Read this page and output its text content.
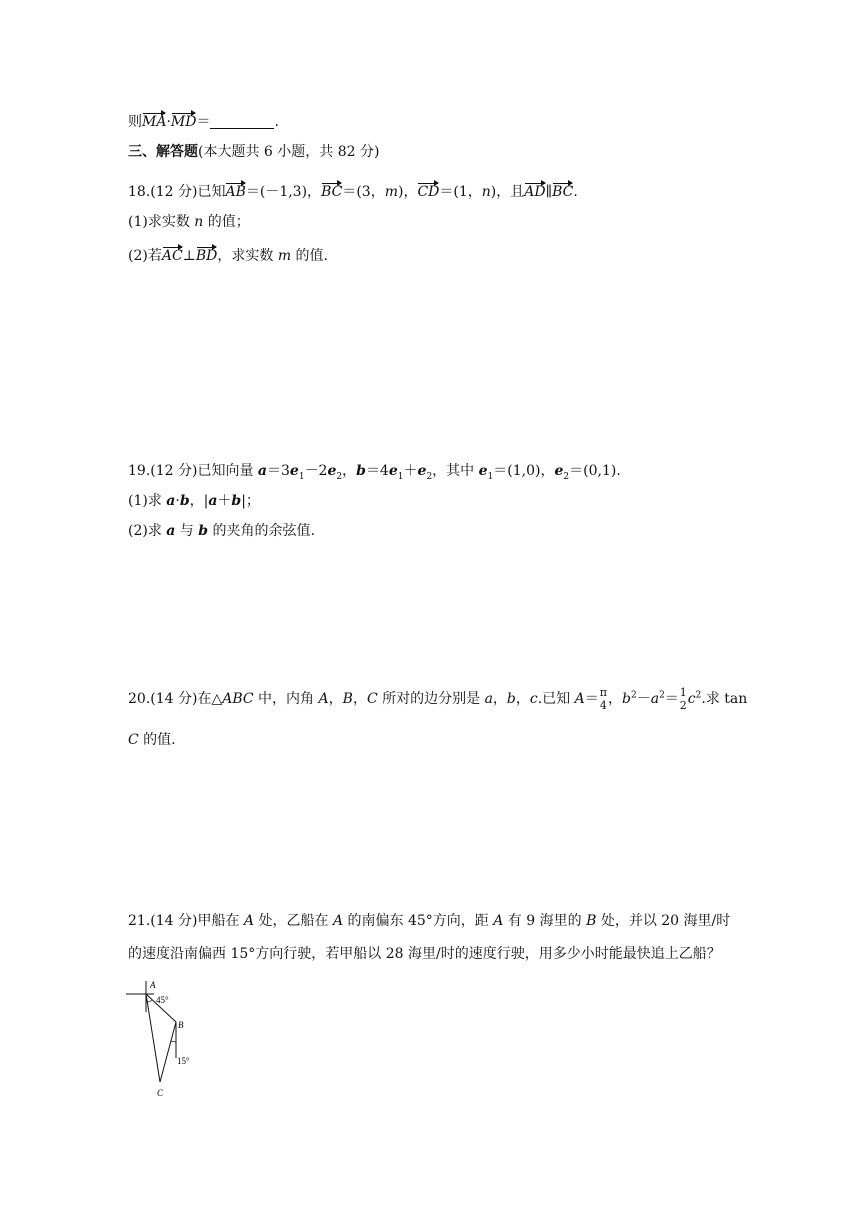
则MA·MD＝	.
三、解答题(本大题共 6 小题，共 82 分)
18.(12 分)已知AB＝(－1,3)，BC＝(3，m)，CD＝(1，n)，且AD∥BC.
(1)求实数 n 的值；
(2)若AC⊥BD，求实数 m 的值.
19.(12 分)已知向量 $a=3e_1-2e_2$，$b=4e_1+e_2$，其中 $e_1=(1,0)$，$e_2=(0,1)$.
(1)求 a·b，|a＋b|；
(2)求 a 与 b 的夹角的余弦值.
20.(14 分)在△ABC 中，内角 A，B，C 所对的边分别是 a，b，c.已知 A＝ π
4 ，$b^2-a^2= 1$
2 $c^2$.求 tan
C 的值.
21.(14 分)甲船在 A 处，乙船在 A 的南偏东 45°方向，距 A 有 9 海里的 B 处，并以 20 海里/时
的速度沿南偏西 15°方向行驶，若甲船以 28 海里/时的速度行驶，用多少小时能最快追上乙船？
A
45°
B
15°
C
